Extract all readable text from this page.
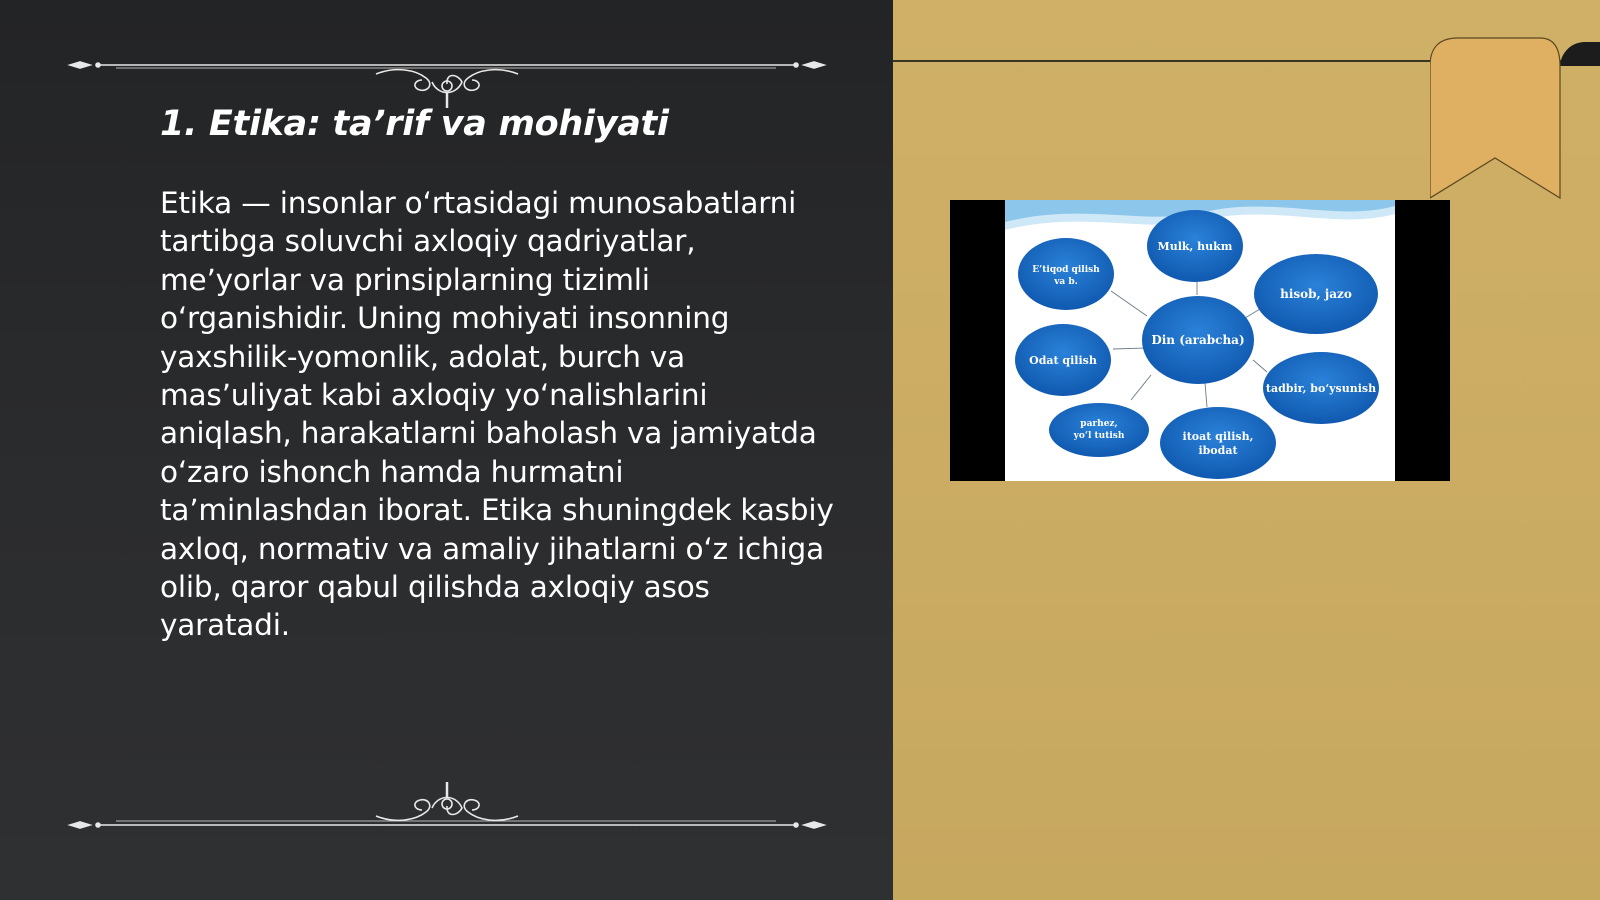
1. Etika: ta’rif va mohiyati
Etika — insonlar o‘rtasidagi munosabatlarni tartibga soluvchi axloqiy qadriyatlar, me’yorlar va prinsiplarning tizimli o‘rganishidir. Uning mohiyati insonning yaxshilik-yomonlik, adolat, burch va mas’uliyat kabi axloqiy yo‘nalishlarini aniqlash, harakatlarni baholash va jamiyatda o‘zaro ishonch hamda hurmatni ta’minlashdan iborat. Etika shuningdek kasbiy axloq, normativ va amaliy jihatlarni o‘z ichiga olib, qaror qabul qilishda axloqiy asos yaratadi.
Mulk, hukm
E’tiqod qilish
va b.
hisob, jazo
Din (arabcha)
Odat qilish
tadbir, bo‘ysunish
parhez,
yo‘l tutish	itoat qilish,
ibodat
